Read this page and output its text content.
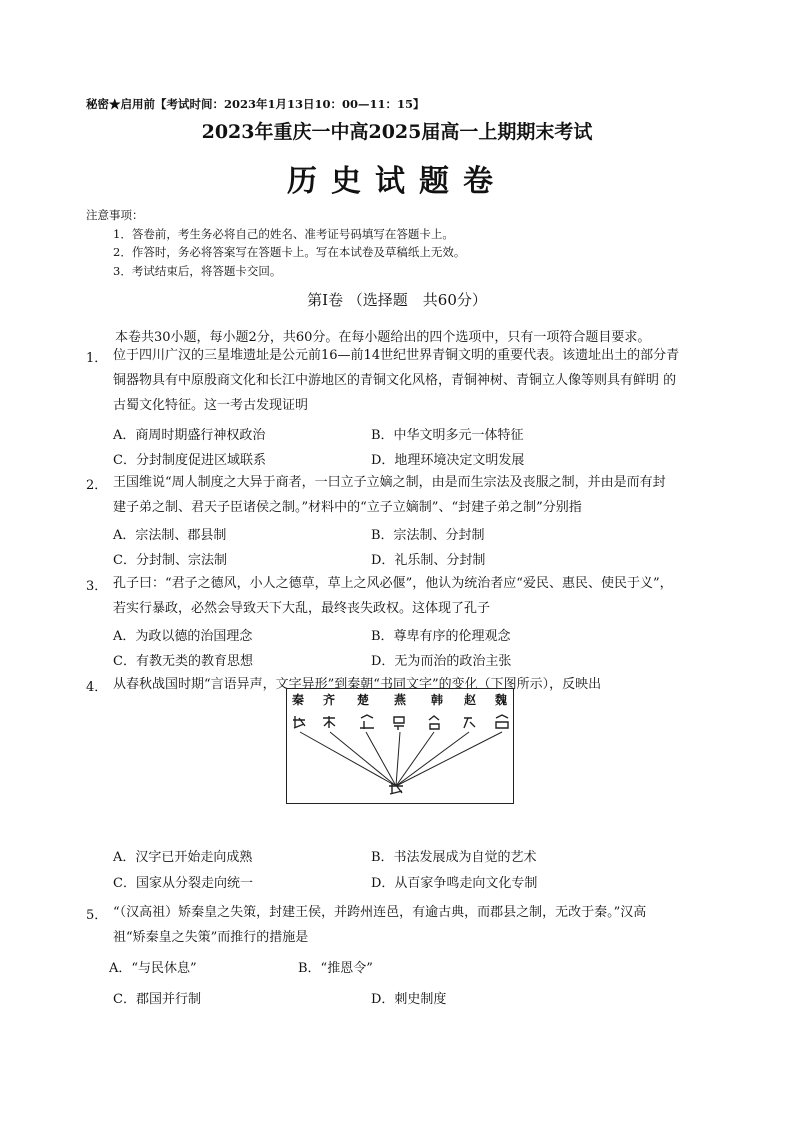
秘密★启用前【考试时间：2023年1月13日10：00—11：15】
2023年重庆一中高2025届高一上期期末考试
历史试题卷
注意事项：
1．答卷前，考生务必将自己的姓名、准考证号码填写在答题卡上。
2．作答时，务必将答案写在答题卡上。写在本试卷及草稿纸上无效。
3．考试结束后，将答题卡交回。
第Ⅰ卷 （选择题　共60分）
本卷共30小题，每小题2分，共60分。在每小题给出的四个选项中，只有一项符合题目要求。
1． 位于四川广汉的三星堆遗址是公元前16—前14世纪世界青铜文明的重要代表。该遗址出土的部分青
铜器物具有中原殷商文化和长江中游地区的青铜文化风格，青铜神树、青铜立人像等则具有鲜明 的
古蜀文化特征。这一考古发现证明
A．商周时期盛行神权政治	B．中华文明多元一体特征
C．分封制度促进区域联系	D．地理环境决定文明发展
2． 王国维说“周人制度之大异于商者，一曰立子立嫡之制，由是而生宗法及丧服之制，并由是而有封
建子弟之制、君天子臣诸侯之制。”材料中的“立子立嫡制”、“封建子弟之制”分别指
A．宗法制、郡县制	B．宗法制、分封制
C．分封制、宗法制	D．礼乐制、分封制
3． 孔子曰：“君子之德风，小人之德草，草上之风必偃”，他认为统治者应“爱民、惠民、使民于义”，
若实行暴政，必然会导致天下大乱，最终丧失政权。这体现了孔子
A．为政以德的治国理念	B．尊卑有序的伦理观念
C．有教无类的教育思想	D．无为而治的政治主张
4． 从春秋战国时期“言语异声，文字异形”到秦朝“书同文字”的变化（下图所示），反映出
秦 齐 楚 燕 韩 赵 魏
A．汉字已开始走向成熟	B．书法发展成为自觉的艺术
C．国家从分裂走向统一	D．从百家争鸣走向文化专制
5． “（汉高祖）矫秦皇之失策，封建王侯，并跨州连邑，有逾古典，而郡县之制，无改于秦。”汉高
祖“矫秦皇之失策”而推行的措施是
A．“与民休息”	B．“推恩令”
C．郡国并行制	D．刺史制度
